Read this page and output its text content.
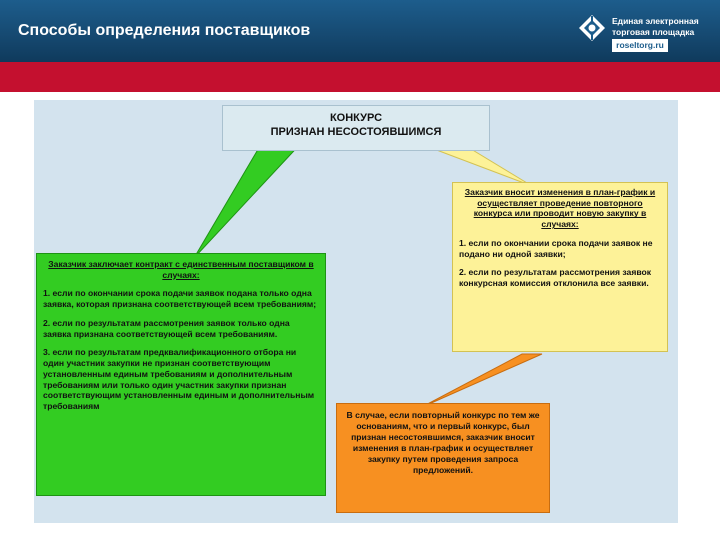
Способы определения поставщиков
Единая электронная
торговая площадка
roseltorg.ru

КОНКУРС

ПРИЗНАН НЕСОСТОЯВШИМСЯ

Заказчик заключает контракт с единственным поставщиком в случаях:

1. если по окончании срока подачи заявок подана только одна заявка, которая признана соответствующей всем требованиям;

2. если по результатам рассмотрения заявок только одна заявка признана соответствующей всем требованиям.

3. если по результатам предквалификационного отбора ни один участник закупки не признан соответствующим установленным единым требованиям и дополнительным требованиям или только один участник закупки признан соответствующим установленным единым и дополнительным требованиям

Заказчик вносит изменения в план-график и осуществляет проведение повторного конкурса или проводит новую закупку в случаях:

1. если по окончании срока подачи заявок не подано ни одной заявки;

2. если по результатам рассмотрения заявок конкурсная комиссия отклонила все заявки.

В случае, если повторный конкурс по тем же основаниям, что и первый конкурс, был признан несостоявшимся, заказчик вносит изменения в план-график и осуществляет закупку путем проведения запроса предложений.
